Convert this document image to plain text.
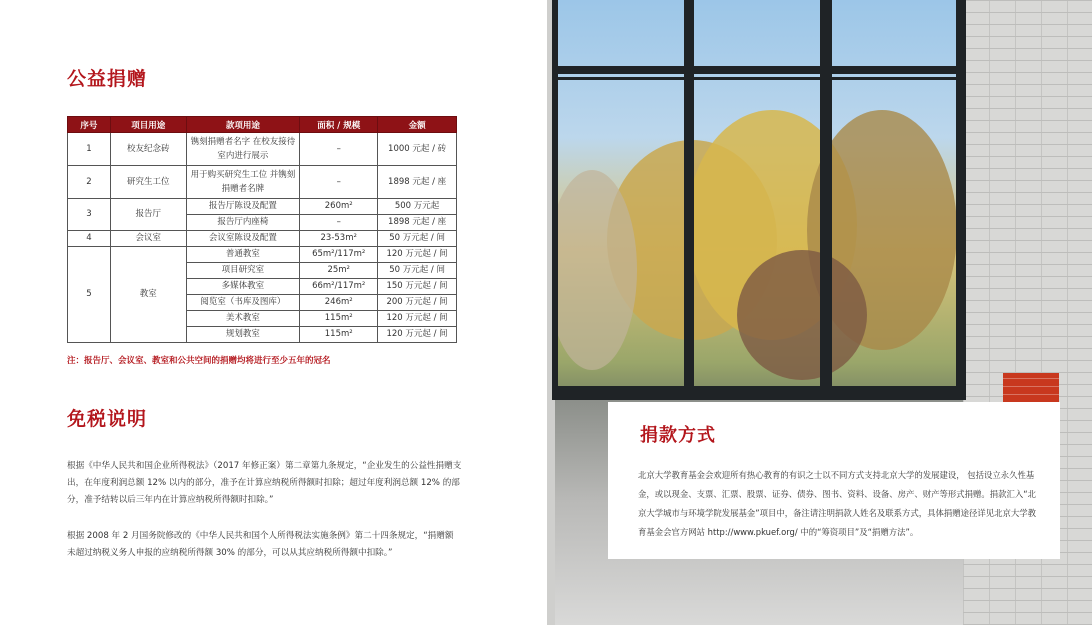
公益捐赠
序号	项目用途	款项用途	面积 / 规模	金额
1	校友纪念砖	镌刻捐赠者名字 在校友接待室内进行展示	–	1000 元起 / 砖
2	研究生工位	用于购买研究生工位 并镌刻捐赠者名牌	–	1898 元起 / 座
3	报告厅	报告厅陈设及配置	260m²	500 万元起
		报告厅内座椅	–	1898 元起 / 座
4	会议室	会议室陈设及配置	23-53m²	50 万元起 / 间
5	教室	普通教室	65m²/117m²	120 万元起 / 间
		项目研究室	25m²	50 万元起 / 间
		多媒体教室	66m²/117m²	150 万元起 / 间
		阅览室（书库及图库）	246m²	200 万元起 / 间
		美术教室	115m²	120 万元起 / 间
		规划教室	115m²	120 万元起 / 间
注：报告厅、会议室、教室和公共空间的捐赠均将进行至少五年的冠名
免税说明
根据《中华人民共和国企业所得税法》（2017 年修正案）第二章第九条规定，“企业发生的公益性捐赠支出，在年度利润总额 12% 以内的部分，准予在计算应纳税所得额时扣除；超过年度利润总额 12% 的部分，准予结转以后三年内在计算应纳税所得额时扣除。”
根据 2008 年 2 月国务院修改的《中华人民共和国个人所得税法实施条例》第二十四条规定，“捐赠额未超过纳税义务人申报的应纳税所得额 30% 的部分，可以从其应纳税所得额中扣除。”
捐款方式
北京大学教育基金会欢迎所有热心教育的有识之士以不同方式支持北京大学的发展建设， 包括设立永久性基金，或以现金、支票、汇票、股票、证券、债券、图书、资料、设备、房产、财产等形式捐赠。捐款汇入“北京大学城市与环境学院发展基金”项目中，备注请注明捐款人姓名及联系方式，具体捐赠途径详见北京大学教育基金会官方网站 http://www.pkuef.org/ 中的“筹资项目”及“捐赠方法”。
